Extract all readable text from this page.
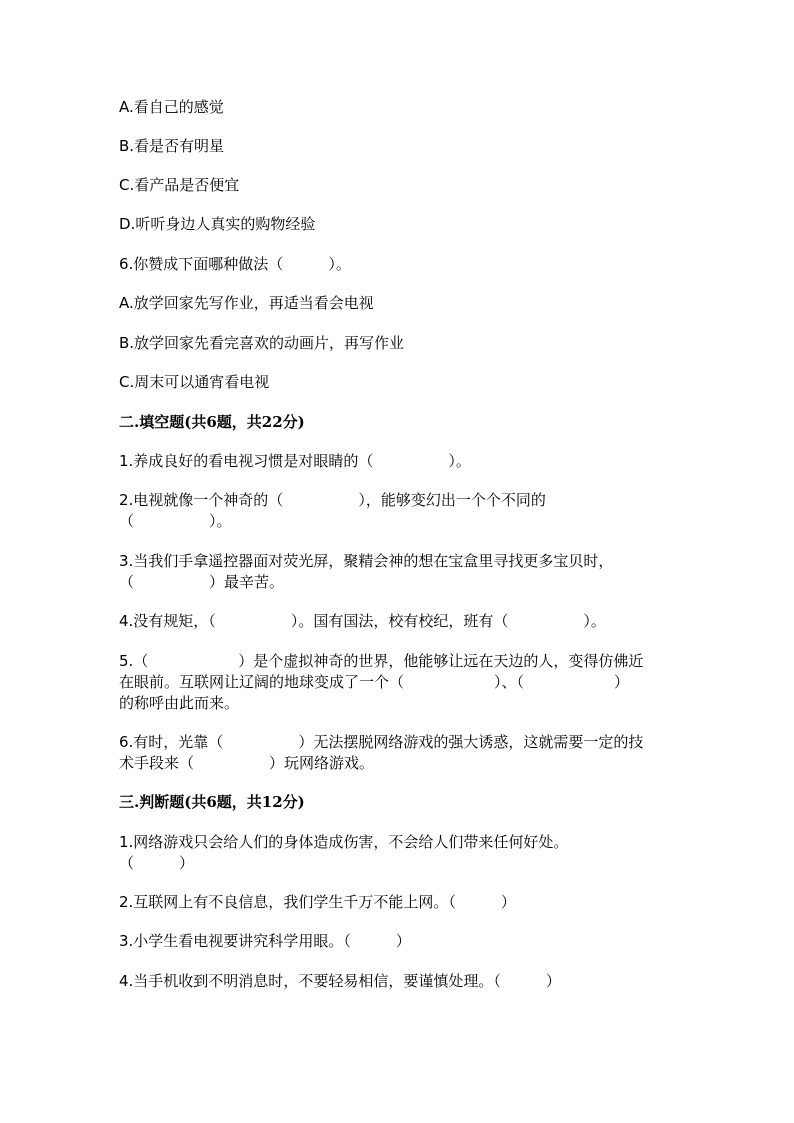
A.看自己的感觉
B.看是否有明星
C.看产品是否便宜
D.听听身边人真实的购物经验
6.你赞成下面哪种做法（　　　）。
A.放学回家先写作业，再适当看会电视
B.放学回家先看完喜欢的动画片，再写作业
C.周末可以通宵看电视
二.填空题(共6题，共22分)
1.养成良好的看电视习惯是对眼睛的（　　　　　）。
2.电视就像一个神奇的（　　　　　），能够变幻出一个个不同的
（　　　　　）。
3.当我们手拿遥控器面对荧光屏，聚精会神的想在宝盒里寻找更多宝贝时，
（　　　　　）最辛苦。
4.没有规矩，（　　　　　）。国有国法，校有校纪，班有（　　　　　）。
5.（　　　　　　）是个虚拟神奇的世界，他能够让远在天边的人，变得仿佛近
在眼前。互联网让辽阔的地球变成了一个（　　　　　　）、（　　　　　　）
的称呼由此而来。
6.有时，光靠（　　　　　）无法摆脱网络游戏的强大诱惑，这就需要一定的技
术手段来（　　　　　）玩网络游戏。
三.判断题(共6题，共12分)
1.网络游戏只会给人们的身体造成伤害，不会给人们带来任何好处。
（　　　）
2.互联网上有不良信息，我们学生千万不能上网。（　　　）
3.小学生看电视要讲究科学用眼。（　　　）
4.当手机收到不明消息时，不要轻易相信，要谨慎处理。（　　　）
